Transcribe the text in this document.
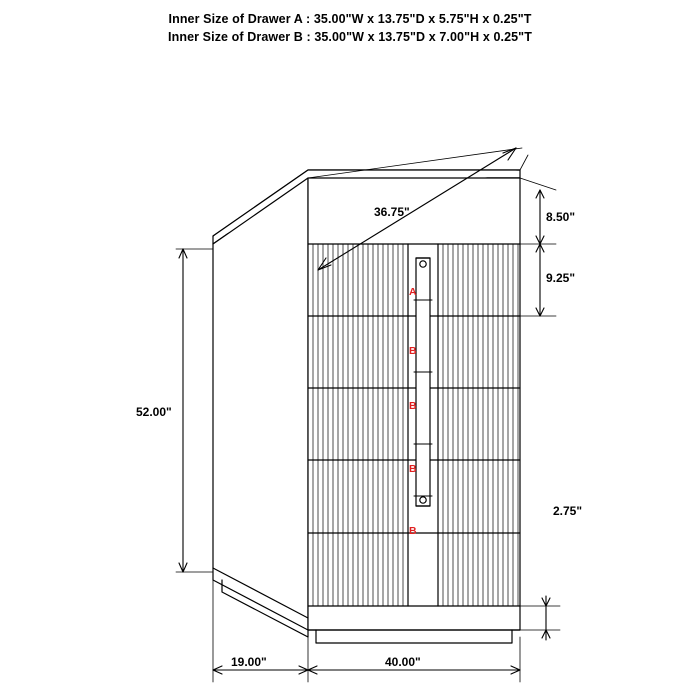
Inner Size of Drawer A : 35.00"W x 13.75"D x 5.75"H x 0.25"T
Inner Size of Drawer B : 35.00"W x 13.75"D x 7.00"H x 0.25"T
36.75"	8.50"
9.25"
2.75"
52.00"
19.00"	40.00"
A
B
B
B
B
